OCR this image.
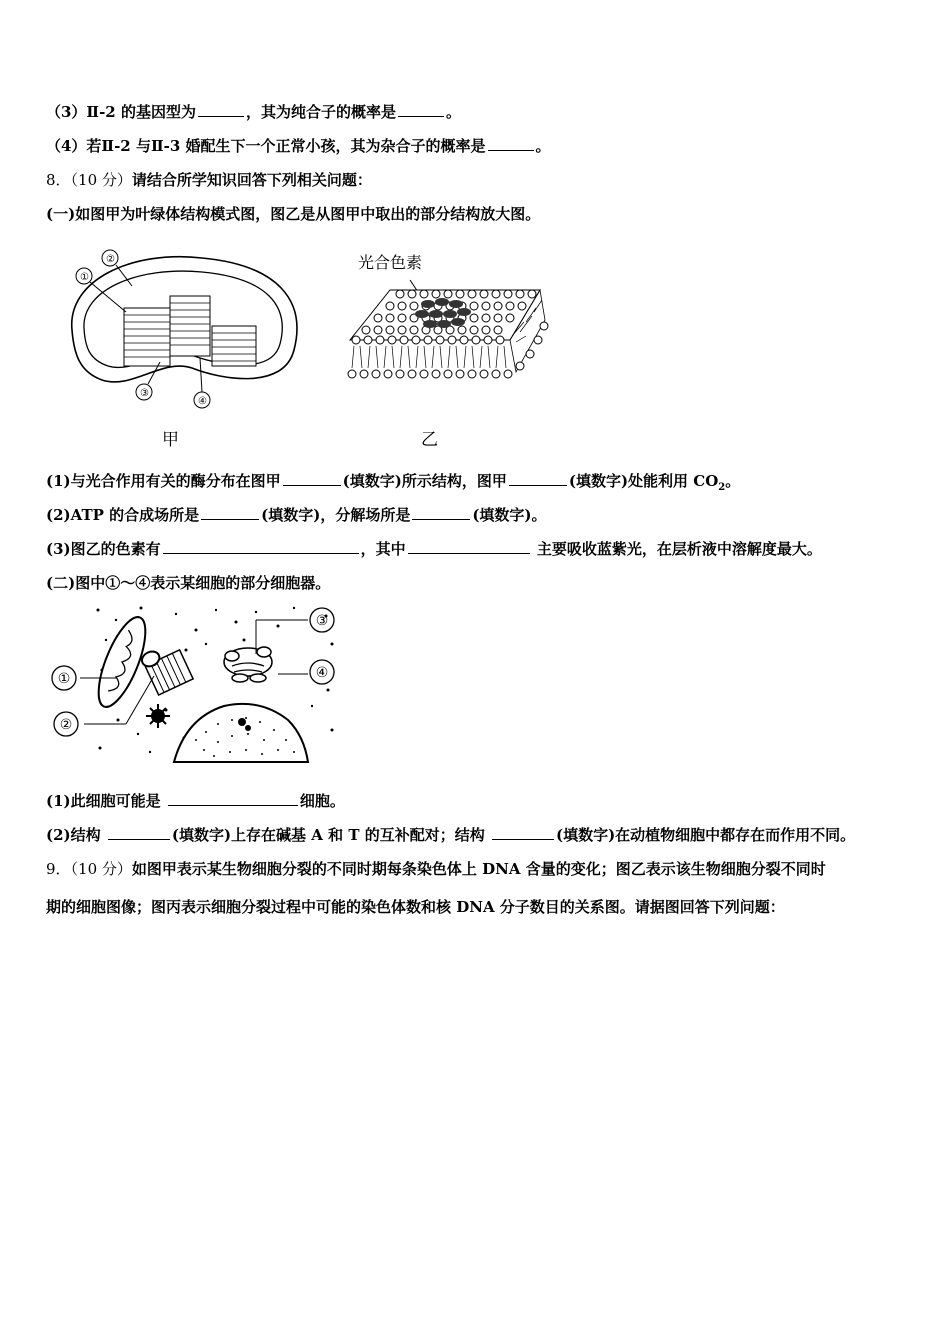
（3）Ⅱ-2 的基因型为	，其为纯合子的概率是	。
（4）若Ⅱ-2 与Ⅱ-3 婚配生下一个正常小孩，其为杂合子的概率是	。
8．（10 分）请结合所学知识回答下列相关问题：
(一)如图甲为叶绿体结构模式图，图乙是从图甲中取出的部分结构放大图。
②
①
③
④
甲
光合色素
乙
(1)与光合作用有关的酶分布在图甲	(填数字)所示结构，图甲	(填数字)处能利用 $CO_2$。
(2)ATP 的合成场所是	(填数字)，分解场所是	(填数字)。
(3)图乙的色素有	，其中	主要吸收蓝紫光，在层析液中溶解度最大。
(二)图中①～④表示某细胞的部分细胞器。
①
②
③
④
(1)此细胞可能是	细胞。
(2)结构	(填数字)上存在碱基 A 和 T 的互补配对；结构	(填数字)在动植物细胞中都存在而作用不同。
9．（10 分）如图甲表示某生物细胞分裂的不同时期每条染色体上 DNA 含量的变化；图乙表示该生物细胞分裂不同时
期的细胞图像；图丙表示细胞分裂过程中可能的染色体数和核 DNA 分子数目的关系图。请据图回答下列问题：
